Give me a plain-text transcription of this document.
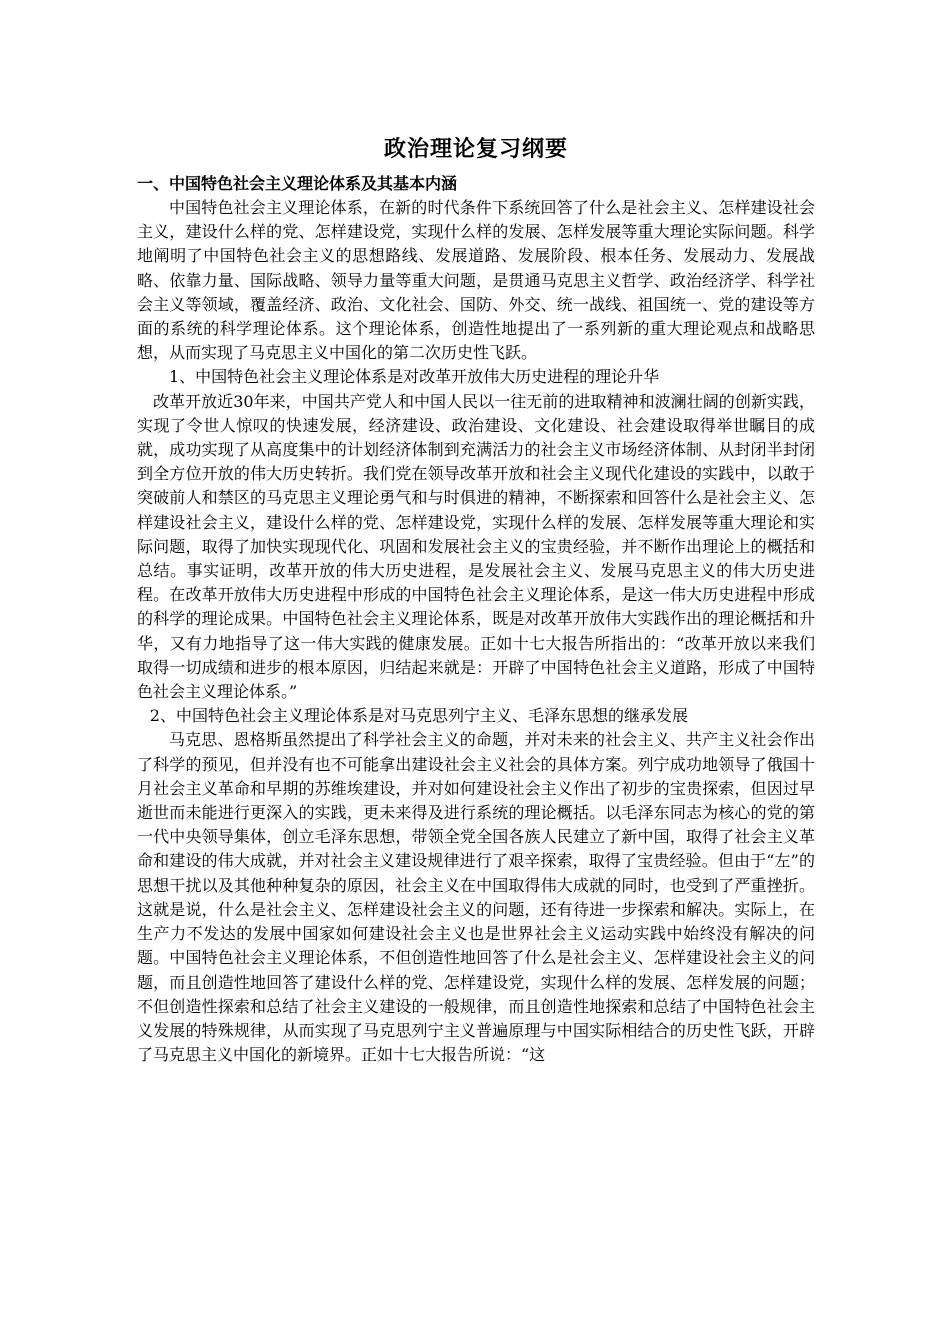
政治理论复习纲要

一、中国特色社会主义理论体系及其基本内涵

中国特色社会主义理论体系，在新的时代条件下系统回答了什么是社会主义、怎样建设社会主义，建设什么样的党、怎样建设党，实现什么样的发展、怎样发展等重大理论实际问题。科学地阐明了中国特色社会主义的思想路线、发展道路、发展阶段、根本任务、发展动力、发展战略、依靠力量、国际战略、领导力量等重大问题，是贯通马克思主义哲学、政治经济学、科学社会主义等领域，覆盖经济、政治、文化社会、国防、外交、统一战线、祖国统一、党的建设等方面的系统的科学理论体系。这个理论体系，创造性地提出了一系列新的重大理论观点和战略思想，从而实现了马克思主义中国化的第二次历史性飞跃。

1、中国特色社会主义理论体系是对改革开放伟大历史进程的理论升华

改革开放近30年来，中国共产党人和中国人民以一往无前的进取精神和波澜壮阔的创新实践，实现了令世人惊叹的快速发展，经济建设、政治建设、文化建设、社会建设取得举世瞩目的成就，成功实现了从高度集中的计划经济体制到充满活力的社会主义市场经济体制、从封闭半封闭到全方位开放的伟大历史转折。我们党在领导改革开放和社会主义现代化建设的实践中，以敢于突破前人和禁区的马克思主义理论勇气和与时俱进的精神，不断探索和回答什么是社会主义、怎样建设社会主义，建设什么样的党、怎样建设党，实现什么样的发展、怎样发展等重大理论和实际问题，取得了加快实现现代化、巩固和发展社会主义的宝贵经验，并不断作出理论上的概括和总结。事实证明，改革开放的伟大历史进程，是发展社会主义、发展马克思主义的伟大历史进程。在改革开放伟大历史进程中形成的中国特色社会主义理论体系，是这一伟大历史进程中形成的科学的理论成果。中国特色社会主义理论体系，既是对改革开放伟大实践作出的理论概括和升华，又有力地指导了这一伟大实践的健康发展。正如十七大报告所指出的：“改革开放以来我们取得一切成绩和进步的根本原因，归结起来就是：开辟了中国特色社会主义道路，形成了中国特色社会主义理论体系。”

2、中国特色社会主义理论体系是对马克思列宁主义、毛泽东思想的继承发展

马克思、恩格斯虽然提出了科学社会主义的命题，并对未来的社会主义、共产主义社会作出了科学的预见，但并没有也不可能拿出建设社会主义社会的具体方案。列宁成功地领导了俄国十月社会主义革命和早期的苏维埃建设，并对如何建设社会主义作出了初步的宝贵探索，但因过早逝世而未能进行更深入的实践，更未来得及进行系统的理论概括。以毛泽东同志为核心的党的第一代中央领导集体，创立毛泽东思想，带领全党全国各族人民建立了新中国，取得了社会主义革命和建设的伟大成就，并对社会主义建设规律进行了艰辛探索，取得了宝贵经验。但由于“左”的思想干扰以及其他种种复杂的原因，社会主义在中国取得伟大成就的同时，也受到了严重挫折。这就是说，什么是社会主义、怎样建设社会主义的问题，还有待进一步探索和解决。实际上，在生产力不发达的发展中国家如何建设社会主义也是世界社会主义运动实践中始终没有解决的问题。中国特色社会主义理论体系，不但创造性地回答了什么是社会主义、怎样建设社会主义的问题，而且创造性地回答了建设什么样的党、怎样建设党，实现什么样的发展、怎样发展的问题；不但创造性探索和总结了社会主义建设的一般规律，而且创造性地探索和总结了中国特色社会主义发展的特殊规律，从而实现了马克思列宁主义普遍原理与中国实际相结合的历史性飞跃，开辟了马克思主义中国化的新境界。正如十七大报告所说：“这
